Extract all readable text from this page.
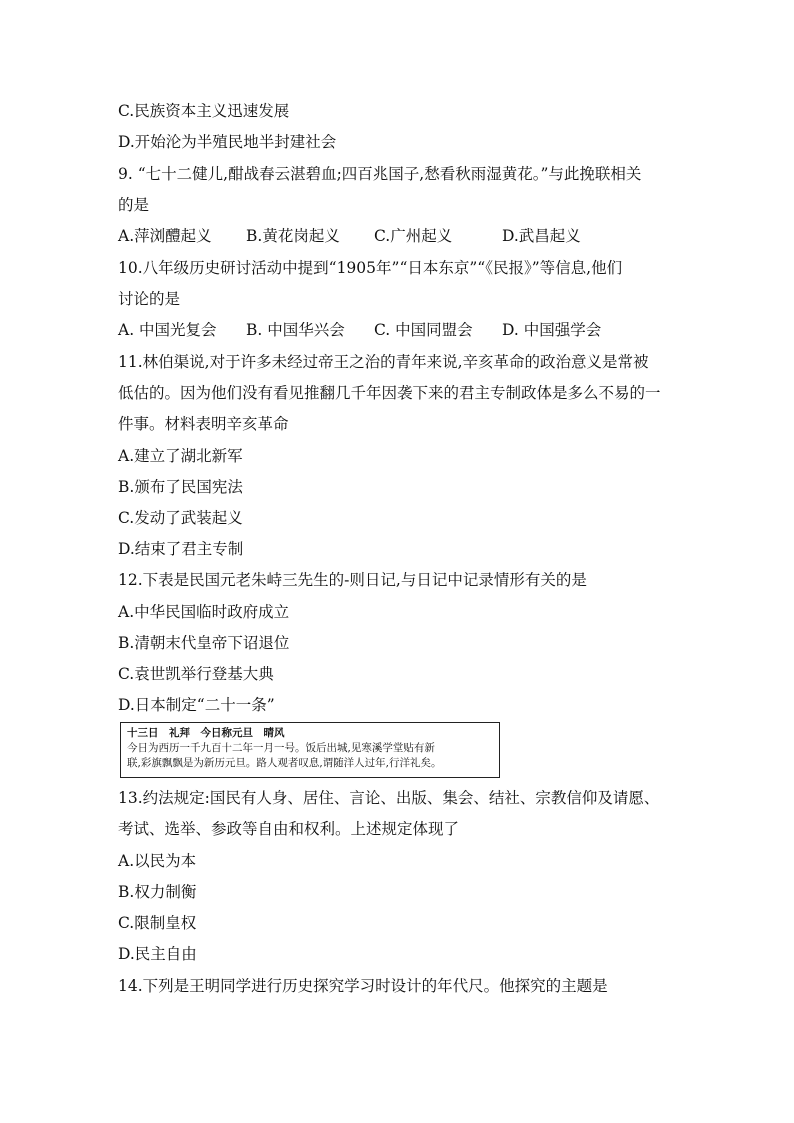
C.民族资本主义迅速发展
D.开始沦为半殖民地半封建社会
9. “七十二健儿,酣战春云湛碧血;四百兆国子,愁看秋雨湿黄花。”与此挽联相关
的是
A.萍浏醴起义	B.黄花岗起义	C.广州起义	D.武昌起义
10.八年级历史研讨活动中提到“1905年”“日本东京”“《民报》”等信息,他们
讨论的是
A. 中国光复会	B. 中国华兴会	C. 中国同盟会	D. 中国强学会
11.林伯渠说,对于许多未经过帝王之治的青年来说,辛亥革命的政治意义是常被
低估的。因为他们没有看见推翻几千年因袭下来的君主专制政体是多么不易的一
件事。材料表明辛亥革命
A.建立了湖北新军
B.颁布了民国宪法
C.发动了武装起义
D.结束了君主专制
12.下表是民国元老朱峙三先生的-则日记,与日记中记录情形有关的是
A.中华民国临时政府成立
B.清朝末代皇帝下诏退位
C.袁世凯举行登基大典
D.日本制定“二十一条”
十三日　礼拜　今日称元旦　晴风
今日为西历一千九百十二年一月一号。饭后出城,见寒溪学堂贴有新
联,彩旗飘飘是为新历元旦。路人观者叹息,谓随洋人过年,行洋礼矣。
13.约法规定:国民有人身、居住、言论、出版、集会、结社、宗教信仰及请愿、
考试、选举、参政等自由和权利。上述规定体现了
A.以民为本
B.权力制衡
C.限制皇权
D.民主自由
14.下列是王明同学进行历史探究学习时设计的年代尺。他探究的主题是
